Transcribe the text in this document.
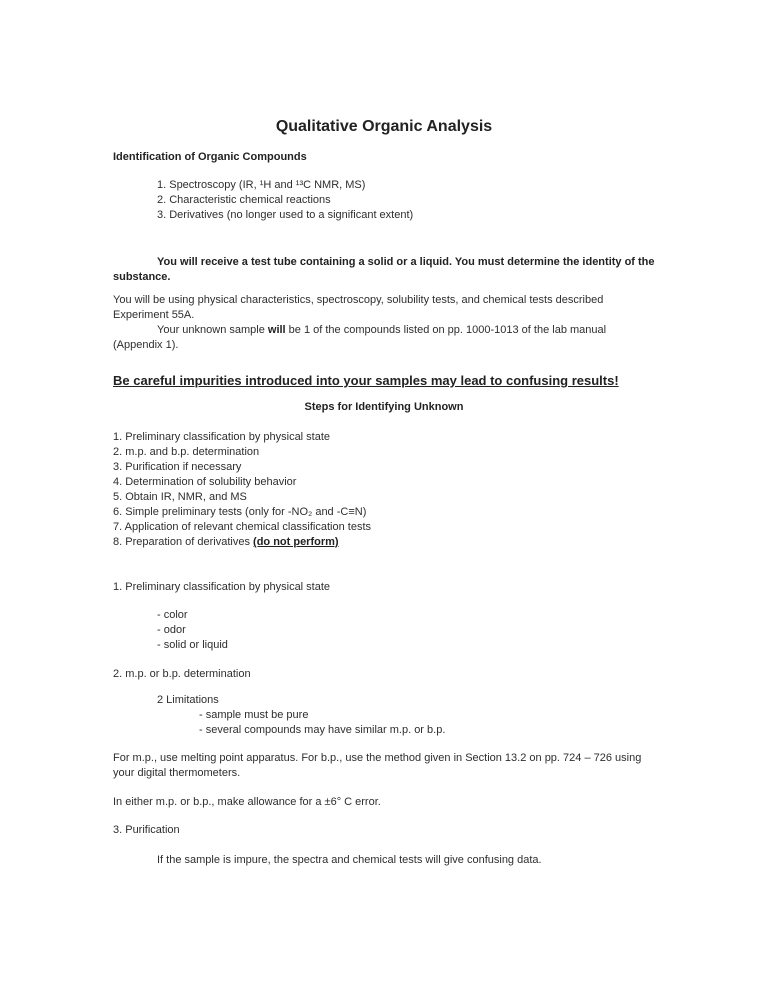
Qualitative Organic Analysis
Identification of Organic Compounds
1. Spectroscopy (IR, ¹H and ¹³C NMR, MS)
2. Characteristic chemical reactions
3. Derivatives (no longer used to a significant extent)
You will receive a test tube containing a solid or a liquid. You must determine the identity of the substance.
You will be using physical characteristics, spectroscopy, solubility tests, and chemical tests described Experiment 55A.
Your unknown sample will be 1 of the compounds listed on pp. 1000-1013 of the lab manual (Appendix 1).
Be careful impurities introduced into your samples may lead to confusing results!
Steps for Identifying Unknown
1. Preliminary classification by physical state
2. m.p. and b.p. determination
3. Purification if necessary
4. Determination of solubility behavior
5. Obtain IR, NMR, and MS
6. Simple preliminary tests (only for -NO₂ and -C≡N)
7. Application of relevant chemical classification tests
8. Preparation of derivatives (do not perform)
1. Preliminary classification by physical state
- color
- odor
- solid or liquid
2. m.p. or b.p. determination
2 Limitations
- sample must be pure
- several compounds may have similar m.p. or b.p.
For m.p., use melting point apparatus. For b.p., use the method given in Section 13.2 on pp. 724 – 726 using your digital thermometers.
In either m.p. or b.p., make allowance for a ±6° C error.
3. Purification
If the sample is impure, the spectra and chemical tests will give confusing data.
